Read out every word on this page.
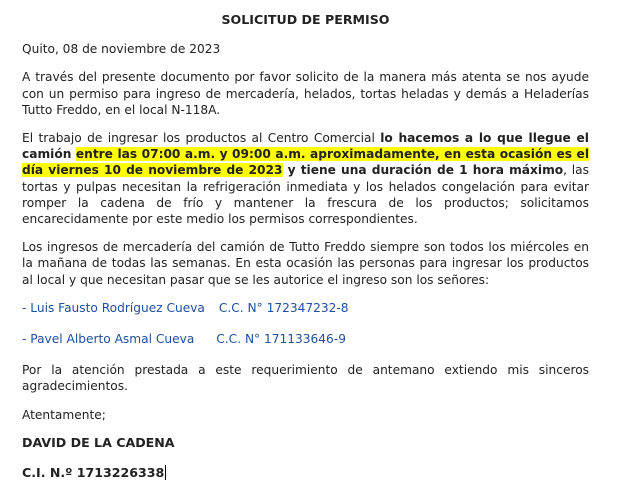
SOLICITUD DE PERMISO

Quito, 08 de noviembre de 2023

A través del presente documento por favor solicito de la manera más atenta se nos ayude con un permiso para ingreso de mercadería, helados, tortas heladas y demás a Heladerías Tutto Freddo, en el local N-118A.

El trabajo de ingresar los productos al Centro Comercial lo hacemos a lo que llegue el camión entre las 07:00 a.m. y 09:00 a.m. aproximadamente, en esta ocasión es el día viernes 10 de noviembre de 2023 y tiene una duración de 1 hora máximo, las tortas y pulpas necesitan la refrigeración inmediata y los helados congelación para evitar romper la cadena de frío y mantener la frescura de los productos; solicitamos encarecidamente por este medio los permisos correspondientes.

Los ingresos de mercadería del camión de Tutto Freddo siempre son todos los miércoles en la mañana de todas las semanas. En esta ocasión las personas para ingresar los productos al local y que necesitan pasar que se les autorice el ingreso son los señores:

- Luis Fausto Rodríguez Cueva C.C. N° 172347232-8
- Pavel Alberto Asmal Cueva C.C. N° 171133646-9

Por la atención prestada a este requerimiento de antemano extiendo mis sinceros agradecimientos.

Atentamente;

DAVID DE LA CADENA
C.I. N.º 1713226338
